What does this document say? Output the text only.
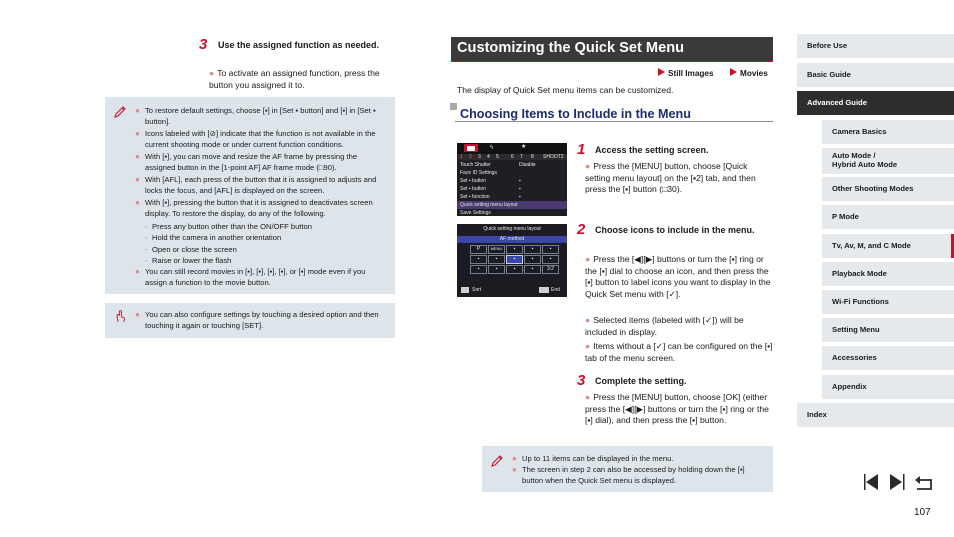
3 Use the assigned function as needed.
● To activate an assigned function, press the button you assigned it to.
● To restore default settings, choose [▪] in [Set ▪ button] and [▪] in [Set ▪ button].
● Icons labeled with [⊘] indicate that the function is not available in the current shooting mode or under current function conditions.
● With [▪], you can move and resize the AF frame by pressing the assigned button in the [1-point AF] AF frame mode (□90).
● With [AFL], each press of the button that it is assigned to adjusts and locks the focus, and [AFL] is displayed on the screen.
● With [▪], pressing the button that it is assigned to deactivates screen display. To restore the display, do any of the following.
- Press any button other than the ON/OFF button
- Hold the camera in another orientation
- Open or close the screen
- Raise or lower the flash
● You can still record movies in [▪], [▪], [▪], [▪], or [▪] mode even if you assign a function to the movie button.
● You can also configure settings by touching a desired option and then touching it again or touching [SET].
Customizing the Quick Set Menu
Still Images	Movies
The display of Quick Set menu items can be customized.
Choosing Items to Include in the Menu
ϟ	★
1 2 3 4 5 6 7 8 SHOOT2
Touch Shutter	Disable
Face ID Settings
Set ▪ button	▪
Set ▪ button	▪
Set ▪ function	▪
Quick setting menu layout
Save Settings
Quick setting menu layout
AF method
P	MENU	▪	▪	▪
▪	▪	▪	▪	▪
▪	▪	▪	▪	3:2
Sort	End
1 Access the setting screen.
● Press the [MENU] button, choose [Quick setting menu layout] on the [▪2] tab, and then press the [▪] button (□30).
2 Choose icons to include in the menu.
● Press the [◀][▶] buttons or turn the [▪] ring or the [▪] dial to choose an icon, and then press the [▪] button to label icons you want to display in the Quick Set menu with [✓].
● Selected items (labeled with [✓]) will be included in display.
● Items without a [✓] can be configured on the [▪] tab of the menu screen.
3 Complete the setting.
● Press the [MENU] button, choose [OK] (either press the [◀][▶] buttons or turn the [▪] ring or the [▪] dial), and then press the [▪] button.
● Up to 11 items can be displayed in the menu.
● The screen in step 2 can also be accessed by holding down the [▪] button when the Quick Set menu is displayed.
Before Use
Basic Guide
Advanced Guide
Camera Basics
Auto Mode /
Hybrid Auto Mode
Other Shooting Modes
P Mode
Tv, Av, M, and C Mode
Playback Mode
Wi-Fi Functions
Setting Menu
Accessories
Appendix
Index
107
